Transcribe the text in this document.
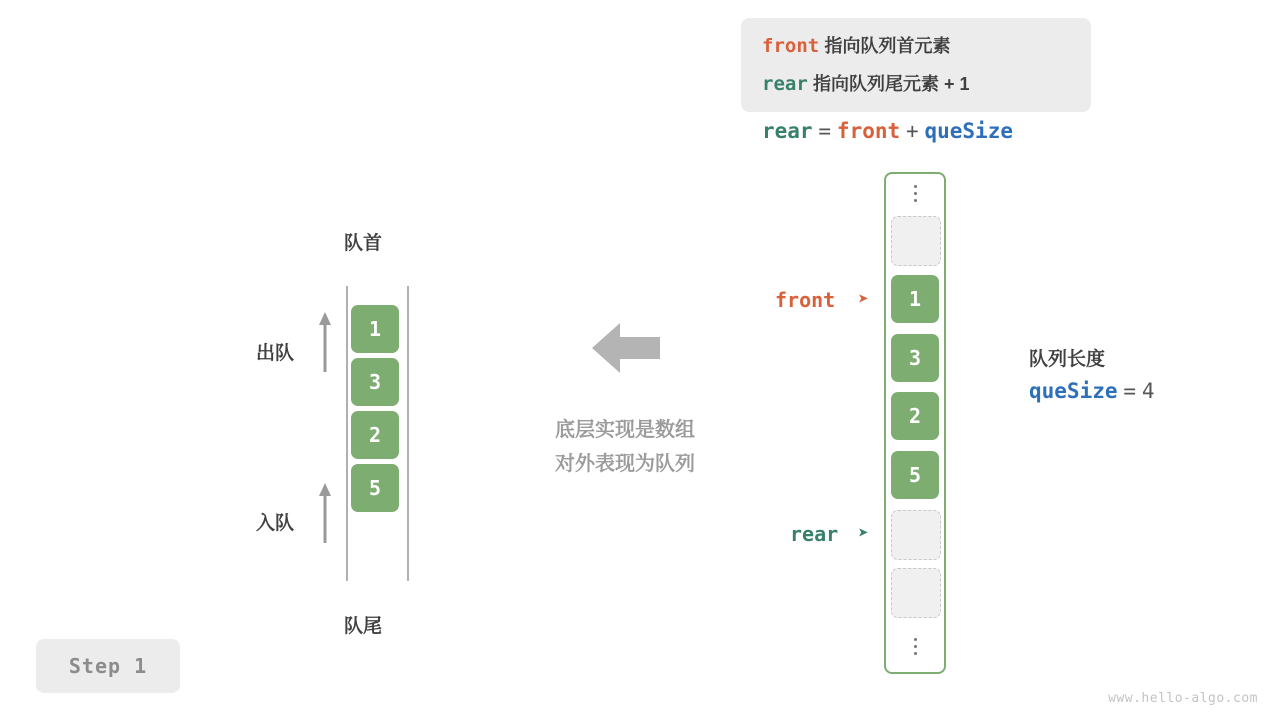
front 指向队列首元素
rear 指向队列尾元素 + 1
rear = front + queSize
队首
队尾
1
3
2
5
出队
入队
底层实现是数组
对外表现为队列
1
3
2
5
front ➤
rear ➤
队列长度
queSize = 4
Step 1
www.hello-algo.com
